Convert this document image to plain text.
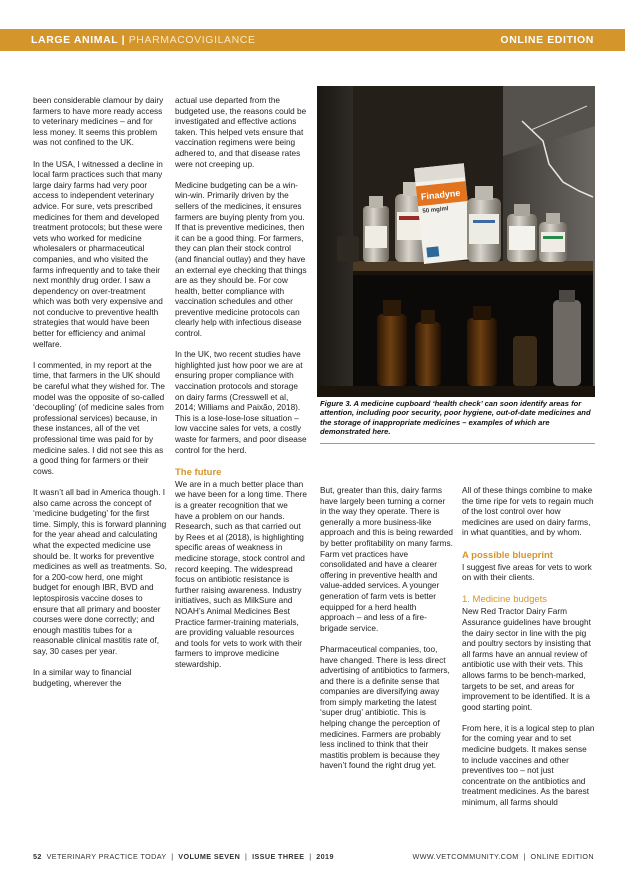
LARGE ANIMAL | PHARMACOVIGILANCE	ONLINE EDITION

been considerable clamour by dairy farmers to have more ready access to veterinary medicines – and for less money. It seems this problem was not confined to the UK.

In the USA, I witnessed a decline in local farm practices such that many large dairy farms had very poor access to independent veterinary advice. For sure, vets prescribed medicines for them and developed treatment protocols; but these were vets who worked for medicine wholesalers or pharmaceutical companies, and who visited the farms infrequently and to take their next monthly drug order. I saw a dependency on over-treatment which was both very expensive and not conducive to preventive health strategies that would have been better for efficiency and animal welfare.

I commented, in my report at the time, that farmers in the UK should be careful what they wished for. The model was the opposite of so-called ‘decoupling’ (of medicine sales from professional services) because, in these instances, all of the vet professional time was paid for by medicine sales. I did not see this as a good thing for farmers or their cows.

It wasn’t all bad in America though. I also came across the concept of ‘medicine budgeting’ for the first time. Simply, this is forward planning for the year ahead and calculating what the expected medicine use should be. It works for preventive medicines as well as treatments. So, for a 200-cow herd, one might budget for enough IBR, BVD and leptospirosis vaccine doses to ensure that all primary and booster courses were done correctly; and enough mastitis tubes for a reasonable clinical mastitis rate of, say, 30 cases per year.

In a similar way to financial budgeting, wherever the

actual use departed from the budgeted use, the reasons could be investigated and effective actions taken. This helped vets ensure that vaccination regimens were being adhered to, and that disease rates were not creeping up.

Medicine budgeting can be a win-win-win. Primarily driven by the sellers of the medicines, it ensures farmers are buying plenty from you. If that is preventive medicines, then it can be a good thing. For farmers, they can plan their stock control (and financial outlay) and they have an external eye checking that things are as they should be. For cow health, better compliance with vaccination schedules and other preventive medicine protocols can clearly help with infectious disease control.

In the UK, two recent studies have highlighted just how poor we are at ensuring proper compliance with vaccination protocols and storage on dairy farms (Cresswell et al, 2014; Williams and Paixão, 2018). This is a lose-lose-lose situation – low vaccine sales for vets, a costly waste for farmers, and poor disease control for the herd.

The future

We are in a much better place than we have been for a long time. There is a greater recognition that we have a problem on our hands. Research, such as that carried out by Rees et al (2018), is highlighting specific areas of weakness in medicine storage, stock control and record keeping. The widespread focus on antibiotic resistance is further raising awareness. Industry initiatives, such as MilkSure and NOAH’s Animal Medicines Best Practice farmer-training materials, are providing valuable resources and tools for vets to work with their farmers to improve medicine stewardship.

Finadyne
50 mg/ml
Figure 3. A medicine cupboard ‘health check’ can soon identify areas for attention, including poor security, poor hygiene, out-of-date medicines and the storage of inappropriate medicines – examples of which are demonstrated here.

But, greater than this, dairy farms have largely been turning a corner in the way they operate. There is generally a more business-like approach and this is being rewarded by better profitability on many farms. Farm vet practices have consolidated and have a clearer offering in preventive health and value-added services. A younger generation of farm vets is better equipped for a herd health approach – and less of a fire-brigade service.

Pharmaceutical companies, too, have changed. There is less direct advertising of antibiotics to farmers, and there is a definite sense that companies are diversifying away from simply marketing the latest ‘super drug’ antibiotic. This is helping change the perception of medicines. Farmers are probably less inclined to think that their mastitis problem is because they haven’t found the right drug yet.

All of these things combine to make the time ripe for vets to regain much of the lost control over how medicines are used on dairy farms, in what quantities, and by whom.

A possible blueprint

I suggest five areas for vets to work on with their clients.

1. Medicine budgets

New Red Tractor Dairy Farm Assurance guidelines have brought the dairy sector in line with the pig and poultry sectors by insisting that all farms have an annual review of antibiotic use with their vets. This allows farms to be bench-marked, targets to be set, and areas for improvement to be identified. It is a good starting point.

From here, it is a logical step to plan for the coming year and to set medicine budgets. It makes sense to include vaccines and other preventives too – not just concentrate on the antibiotics and treatment medicines. As the barest minimum, all farms should

52 VETERINARY PRACTICE TODAY  |  VOLUME SEVEN  |  ISSUE THREE  |  2019	WWW.VETCOMMUNITY.COM  |  ONLINE EDITION
